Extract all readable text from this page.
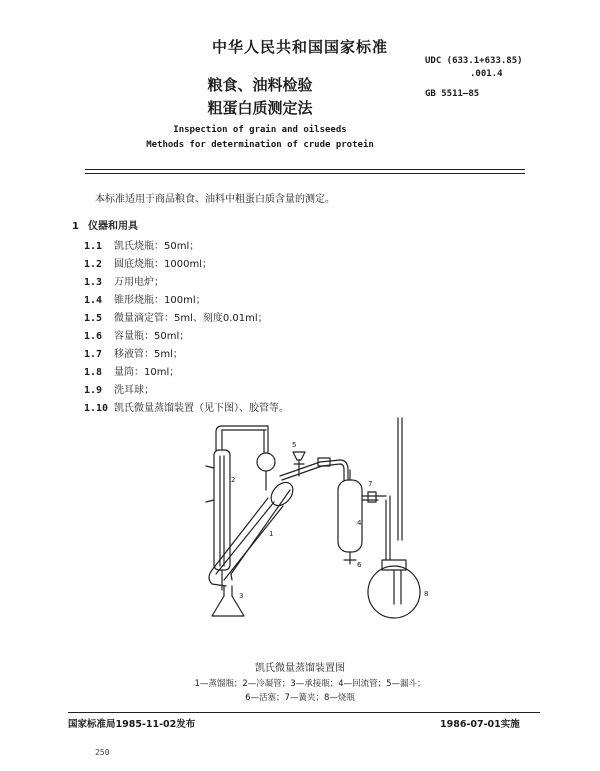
中华人民共和国国家标准
UDC (633.1+633.85)
.001.4
GB 5511—85
粮食、油料检验
粗蛋白质测定法
Inspection of grain and oilseeds
Methods for determination of crude protein
本标准适用于商品粮食、油料中粗蛋白质含量的测定。
1 仪器和用具
1.1 凯氏烧瓶：50ml；
1.2 圆底烧瓶：1000ml；
1.3 万用电炉；
1.4 锥形烧瓶：100ml；
1.5 微量滴定管：5ml、刻度0.01ml；
1.6 容量瓶：50ml；
1.7 移液管：5ml；
1.8 量筒：10ml；
1.9 洗耳球；
1.10 凯氏微量蒸馏装置（见下图）、胶管等。
1
2
3
4
5
6
7
8
凯氏微量蒸馏装置图
1—蒸馏瓶；2—冷凝管；3—承接瓶；4—回流管；5—漏斗；
6—活塞；7—簧夹；8—烧瓶
国家标准局1985-11-02发布	1986-07-01实施
250
